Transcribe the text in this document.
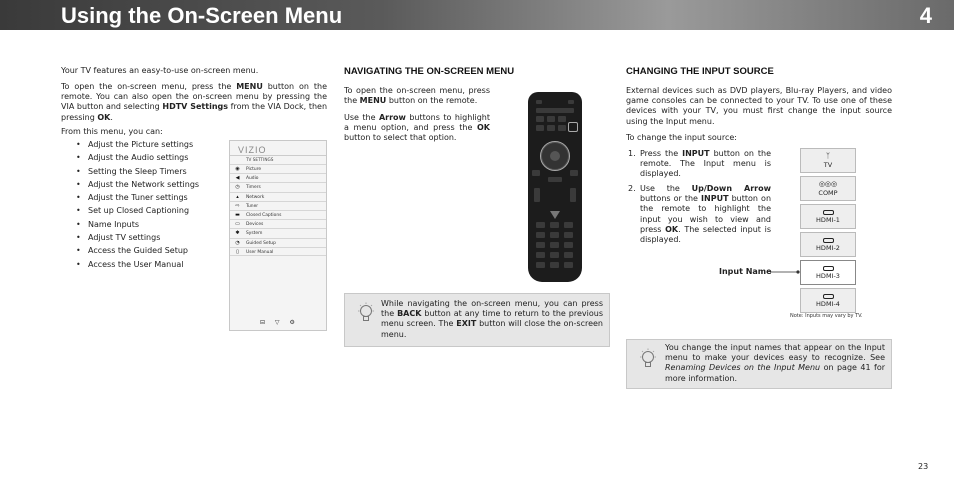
Using the On-Screen Menu	4

Your TV features an easy-to-use on-screen menu.

To open the on-screen menu, press the MENU button on the remote. You can also open the on-screen menu by pressing the VIA button and selecting HDTV Settings from the VIA Dock, then pressing OK.

From this menu, you can:

• Adjust the Picture settings
• Adjust the Audio settings
• Setting the Sleep Timers
• Adjust the Network settings
• Adjust the Tuner settings
• Set up Closed Captioning
• Name Inputs
• Adjust TV settings
• Access the Guided Setup
• Access the User Manual
VIZIO
TV SETTINGS
◉ Picture
◀	Audio
◷ Timers
▴	Network
⇨	Tuner
▬ Closed Captions
▭ Devices
✱	System
◔ Guided Setup
▯	User Manual
⊟ ▽ ⚙
NAVIGATING THE ON-SCREEN MENU

To open the on-screen menu, press the MENU button on the remote.

Use the Arrow buttons to highlight a menu option, and press the OK button to select that option.

While navigating the on-screen menu, you can press the BACK button at any time to return to the previous menu screen. The EXIT button will close the on-screen menu.

CHANGING THE INPUT SOURCE

External devices such as DVD players, Blu-ray Players, and video game consoles can be connected to your TV. To use one of these devices with your TV, you must first change the input source using the Input menu.

To change the input source:

1. Press the INPUT button on the remote. The Input menu is displayed.

2. Use the Up/Down Arrow buttons or the INPUT button on the remote to highlight the input you wish to view and press OK. The selected input is displayed.

Input Name
ᛉ
TV
◎◎◎
COMP
HDMI-1
HDMI-2
HDMI-3
HDMI-4
Note: Inputs may vary by TV.

You change the input names that appear on the Input menu to make your devices easy to recognize. See Renaming Devices on the Input Menu on page 41 for more information.

23
